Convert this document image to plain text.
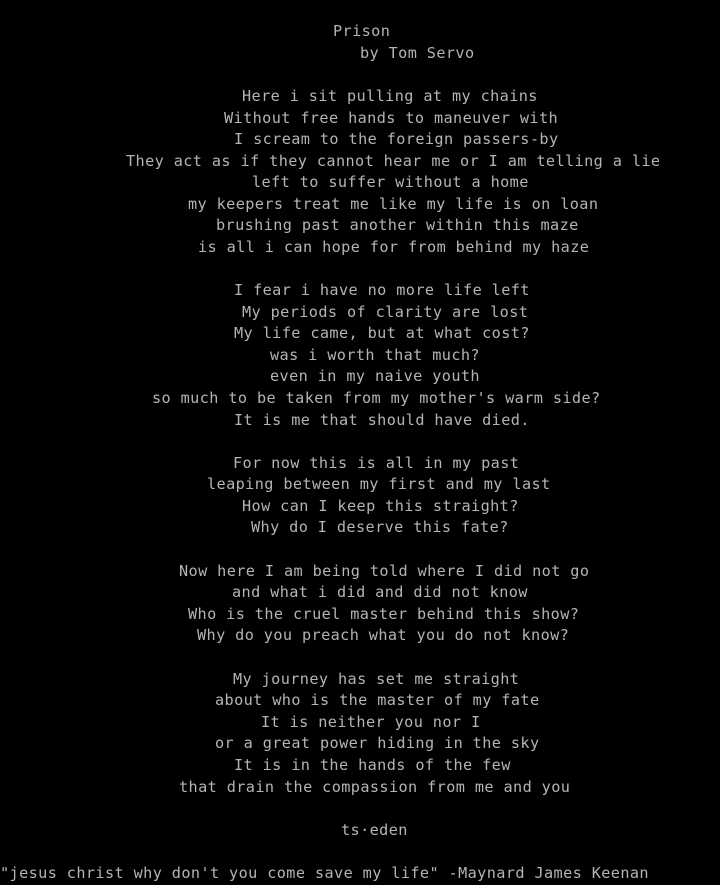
Prison
by Tom Servo
Here i sit pulling at my chains
Without free hands to maneuver with
I scream to the foreign passers-by
They act as if they cannot hear me or I am telling a lie
left to suffer without a home
my keepers treat me like my life is on loan
brushing past another within this maze
is all i can hope for from behind my haze
I fear i have no more life left
My periods of clarity are lost
My life came, but at what cost?
was i worth that much?
even in my naive youth
so much to be taken from my mother's warm side?
It is me that should have died.
For now this is all in my past
leaping between my first and my last
How can I keep this straight?
Why do I deserve this fate?
Now here I am being told where I did not go
and what i did and did not know
Who is the cruel master behind this show?
Why do you preach what you do not know?
My journey has set me straight
about who is the master of my fate
It is neither you nor I
or a great power hiding in the sky
It is in the hands of the few
that drain the compassion from me and you
ts·eden
"jesus christ why don't you come save my life" -Maynard James Keenan
